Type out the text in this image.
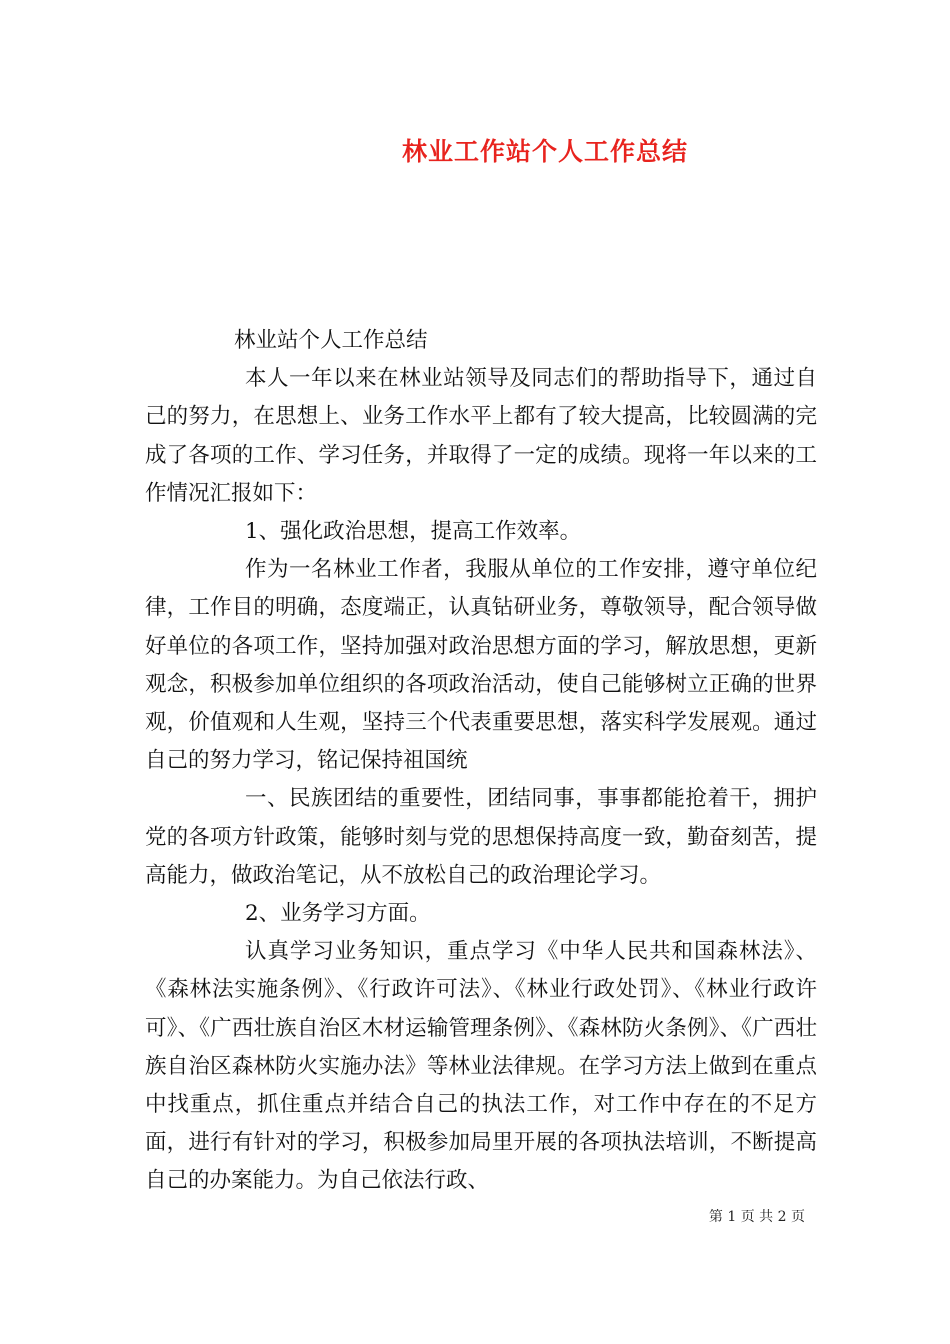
林业工作站个人工作总结

林业站个人工作总结

本人一年以来在林业站领导及同志们的帮助指导下，通过自己的努力，在思想上、业务工作水平上都有了较大提高，比较圆满的完成了各项的工作、学习任务，并取得了一定的成绩。现将一年以来的工作情况汇报如下：

1、强化政治思想，提高工作效率。

作为一名林业工作者，我服从单位的工作安排，遵守单位纪律，工作目的明确，态度端正，认真钻研业务，尊敬领导，配合领导做好单位的各项工作，坚持加强对政治思想方面的学习，解放思想，更新观念，积极参加单位组织的各项政治活动，使自己能够树立正确的世界观，价值观和人生观，坚持三个代表重要思想，落实科学发展观。通过自己的努力学习，铭记保持祖国统

一、民族团结的重要性，团结同事，事事都能抢着干，拥护党的各项方针政策，能够时刻与党的思想保持高度一致，勤奋刻苦，提高能力，做政治笔记，从不放松自己的政治理论学习。

2、业务学习方面。

认真学习业务知识，重点学习《中华人民共和国森林法》、《森林法实施条例》、《行政许可法》、《林业行政处罚》、《林业行政许可》、《广西壮族自治区木材运输管理条例》、《森林防火条例》、《广西壮族自治区森林防火实施办法》等林业法律规。在学习方法上做到在重点中找重点，抓住重点并结合自己的执法工作，对工作中存在的不足方面，进行有针对的学习，积极参加局里开展的各项执法培训，不断提高自己的办案能力。为自己依法行政、

第 1 页 共 2 页
